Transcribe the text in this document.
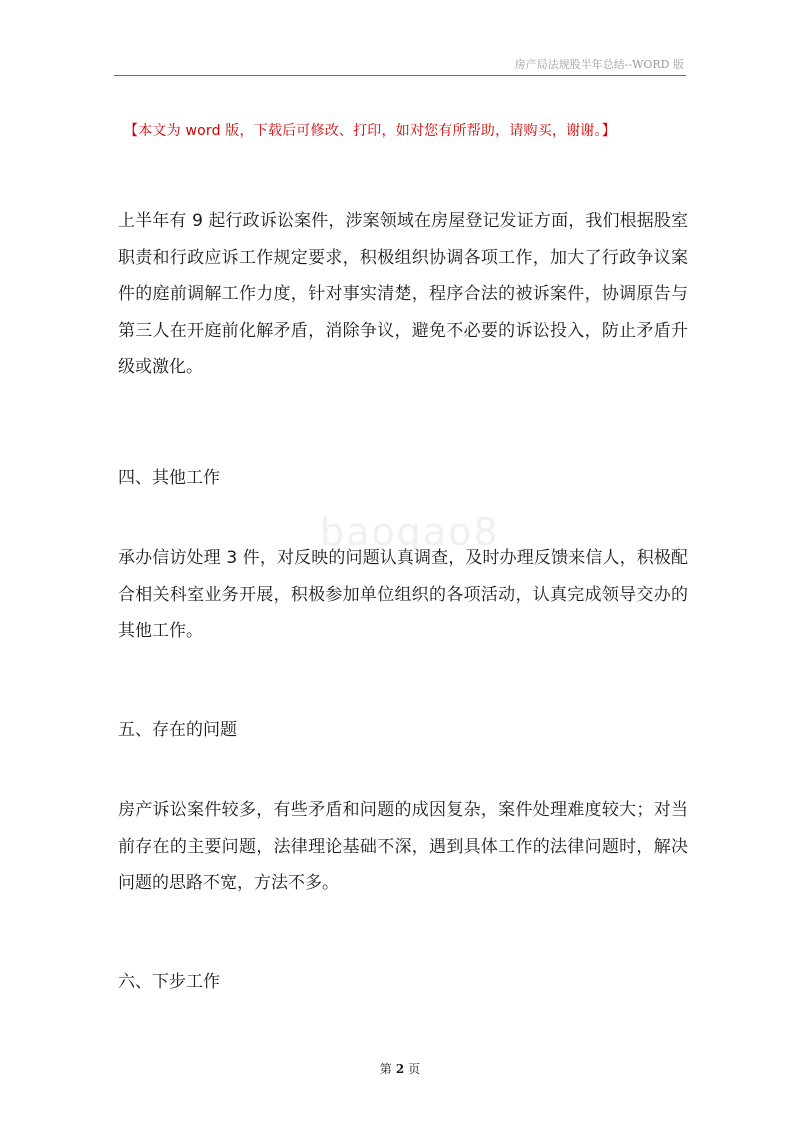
房产局法规股半年总结--WORD 版
【本文为 word 版，下载后可修改、打印，如对您有所帮助，请购买，谢谢。】

上半年有 9 起行政诉讼案件，涉案领域在房屋登记发证方面，我们根据股室职责和行政应诉工作规定要求，积极组织协调各项工作，加大了行政争议案件的庭前调解工作力度，针对事实清楚，程序合法的被诉案件，协调原告与第三人在开庭前化解矛盾，消除争议，避免不必要的诉讼投入，防止矛盾升级或激化。

四、其他工作

承办信访处理 3 件，对反映的问题认真调查，及时办理反馈来信人，积极配合相关科室业务开展，积极参加单位组织的各项活动，认真完成领导交办的其他工作。

baogao8
五、存在的问题

房产诉讼案件较多，有些矛盾和问题的成因复杂，案件处理难度较大；对当前存在的主要问题，法律理论基础不深，遇到具体工作的法律问题时，解决问题的思路不宽，方法不多。

六、下步工作
第 2 页
